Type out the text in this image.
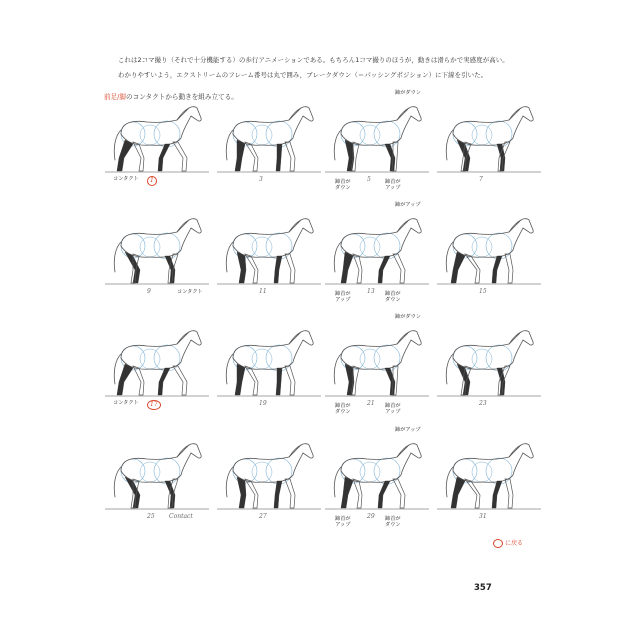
これは2コマ撮り（それで十分機能する）の歩行アニメーションである。もちろん1コマ撮りのほうが，動きは滑らかで実感度が高い。
わかりやすいよう，エクストリームのフレーム番号は丸で囲み，ブレークダウン（＝パッシングポジション）に下線を引いた。
前足/脚のコンタクトから動きを組み立てる。
1
コンタクト	3	5
蹄がダウン
蹄首が
ダウン
蹄首が
アップ
7
9	コンタクト	11	13
蹄がアップ
蹄首が
アップ
蹄首が
ダウン
15
17
コンタクト	19	21
蹄がダウン
蹄首が
ダウン
蹄首が
アップ
23
25 Contact	27	29
蹄がアップ
蹄首が
アップ
蹄首が
ダウン
31
に戻る
357
